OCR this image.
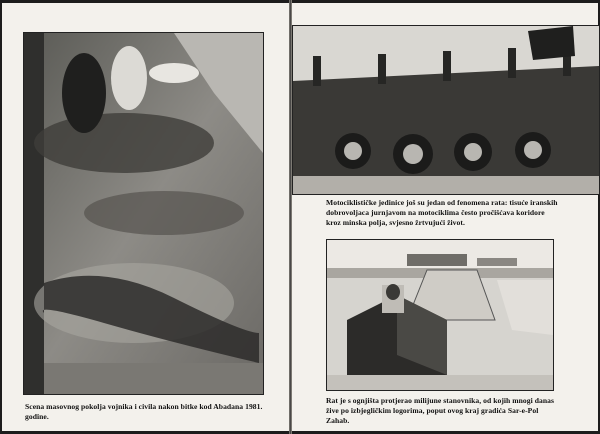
Scena masovnog pokolja vojnika i civila nakon bitke kod Abadana 1981. godine.
Motociklističke jedinice još su jedan od fenomena rata: tisuće iranskih dobrovoljaca jurnjavom na motociklima često pročišćava koridore kroz minska polja, svjesno žrtvujući život.
Rat je s ognjišta protjerao milijune stanovnika, od kojih mnogi danas žive po izbjegličkim logorima, poput ovog kraj gradića Sar-e-Pol Zahab.
